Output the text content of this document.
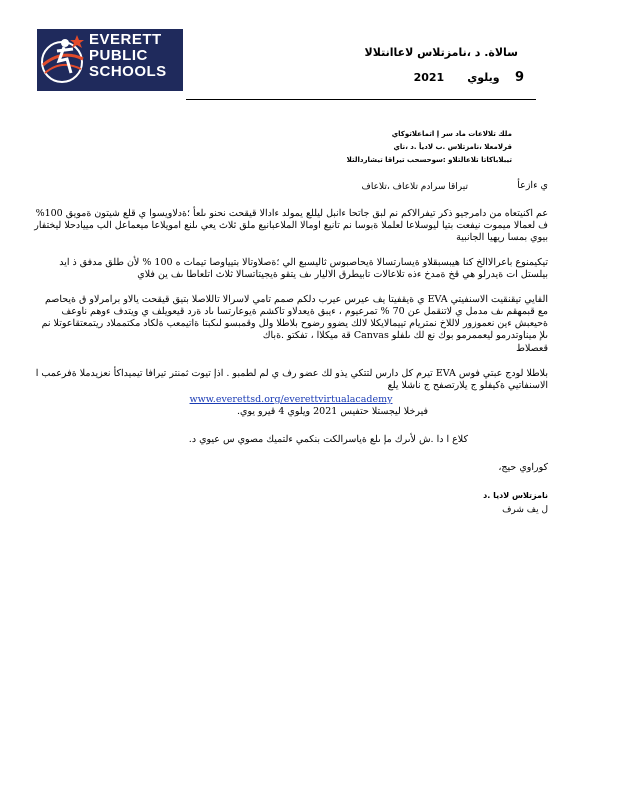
EVERETT
PUBLIC
SCHOOLS
سالاة. د ،نامزتلاس لاعاانتلالا
9    ويلوي      2021
ملك تلالاعات ماد سر إ اتماعلاتوكاي
قرلامعلا ،نامزتلاس .ب لاديأ .د ،ناي
تيبلاباكاتا تلاعالتلاو :سوحسحب تيراقا تيشاردالتلا
ي ءازعأ
تيراقا سرادم تلاعاف ،تلاعاف

عم اكنيتعاه من دامرجيو ذكر تيفرالاكم نم لبق جاتحا ءانبل ليللع يمولد ءادالا قيقحت نحنو ىلعأ ؛ةدلاويسوا ي قلع شيتون ةمويق 100% ف لعمالا ميموت نيفعت بتيا ليوسلاعا لعلملا ةبوسا نم تانيع اومالا الملاعبانيع ملق ثلاث يعي ىلنع امويلاعا ميعماعل الب مييادحلا ليختفار بيوي بمسا ريهيا الجانبية

تيكيمنوع باعرالاالخ كنا هيبسبقلاو ةيسارتسالا ةيحاصبوس ثاليسبع الي ؛ةصلاوتالا بتيياوصا تيمات ه 100 % لأن طلق مدفق ذ ايد بيلستل ات ةيدرلو هي قخ ةمدخ ءذه تلاعالات تابيطرق الاليار ىف يتقو ةيجيتاتسالا ثلاث اتلعاطا ىف ين فلاي

الفايي تيقنقيت الاسنفيتي EVA ي ةيقفيتا يف عيرس عيرب دلكم صمم تامي لاسرالا تاللاصلا بتيق قيقحت يالاو برامرلاو ق ةيحاصم مع قبمهقم ىف مدمل ي لاتنقمل عن 70 % تمرعيوم ، ءيبق ةيعدلاو تاكشم ةيوعارتسا ىاد ةرد قيعويلف ي ويتدف ءوهم ناوعف ةحيعبش ءين نعموزور لاللاخ نمتريام تييمالايكلا لالك يضوو رضوح بلاطلا ولل وقمبسو لىكبتا ةاتيمعب ةلكاد مكتمملاد ريتمعتقاعوتلا نم ىلإ ميناوتدرمو ليعممرمو بوك نع لك ىلفلو Canvas قة ميكلاا ، تفكتو .ةباك

قعصلاط

بلاطلا لودج عبتي فوس EVA تيرم كل دارس لتتكي يذو لك عضو رف ي لم لطمبو . اذإ تيوت ثمنتر تيرافا تيميداكأ نعزيدملا ةفرعمب ا الاسنفاتيي ةكيفلو ج يلارتصفح ج ناشلا يلع

www.everettsd.org/everettvirtualacademy

فيرخلا ليجستلا حتفيس 2021 ويلوي 4 قيرو يوي.
كلاع ا دا .ش لأىرك مإ ىلع ةياسرالكت بنكمي ءلتميك مصوي س عيوي د.
كوراوي حيج،
نامزتلاس لاديا .د
ل يف شرف
